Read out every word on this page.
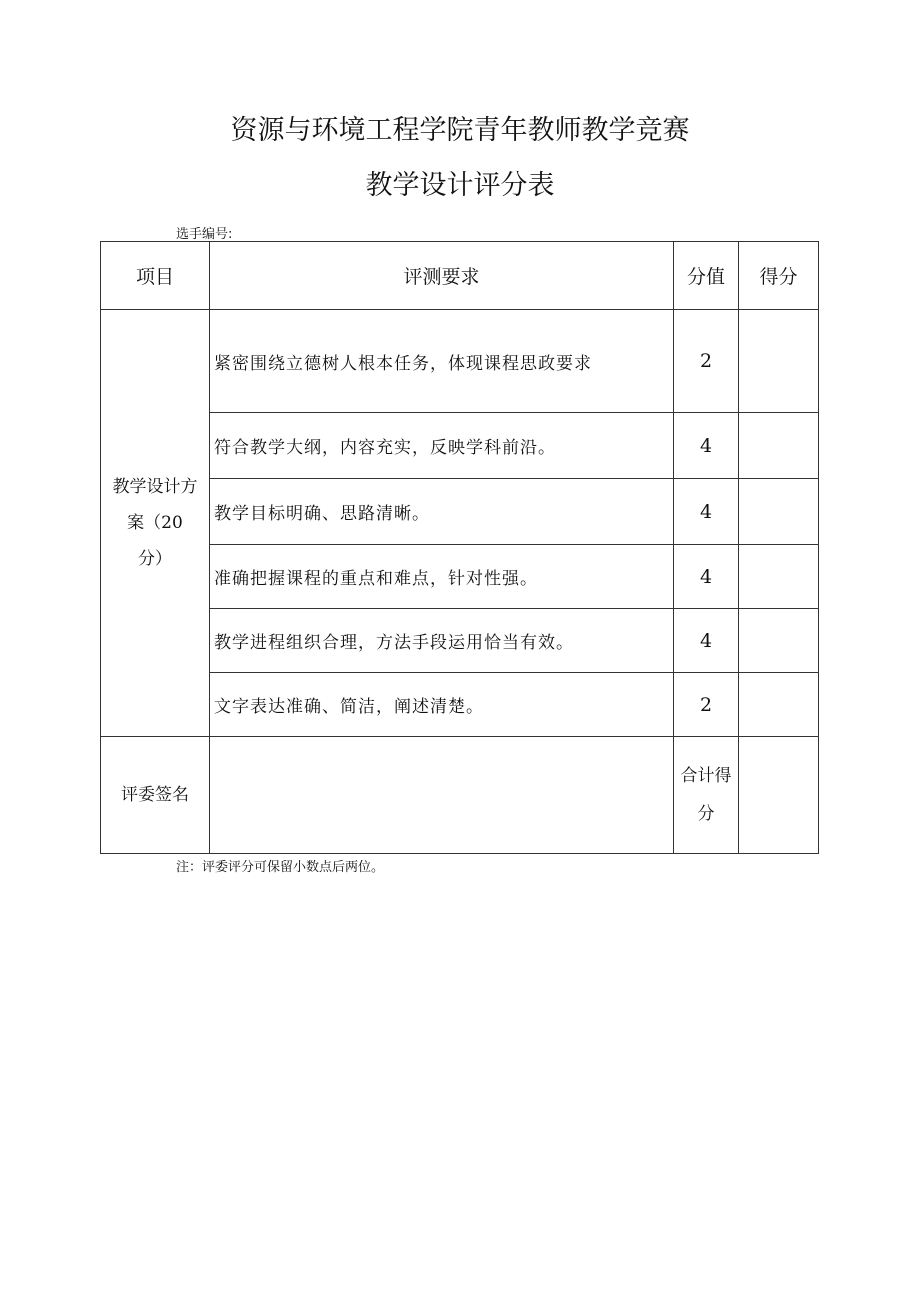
资源与环境工程学院青年教师教学竞赛
教学设计评分表
选手编号:
项目	评测要求	分值	得分

教学设计方
案（20
分）	紧密围绕立德树人根本任务，体现课程思政要求	2	
	符合教学大纲，内容充实，反映学科前沿。	4	
	教学目标明确、思路清晰。	4	
	准确把握课程的重点和难点，针对性强。	4	
	教学进程组织合理，方法手段运用恰当有效。	4	
	文字表达准确、简洁，阐述清楚。	2	
评委签名		合计得
分	

注：评委评分可保留小数点后两位。
